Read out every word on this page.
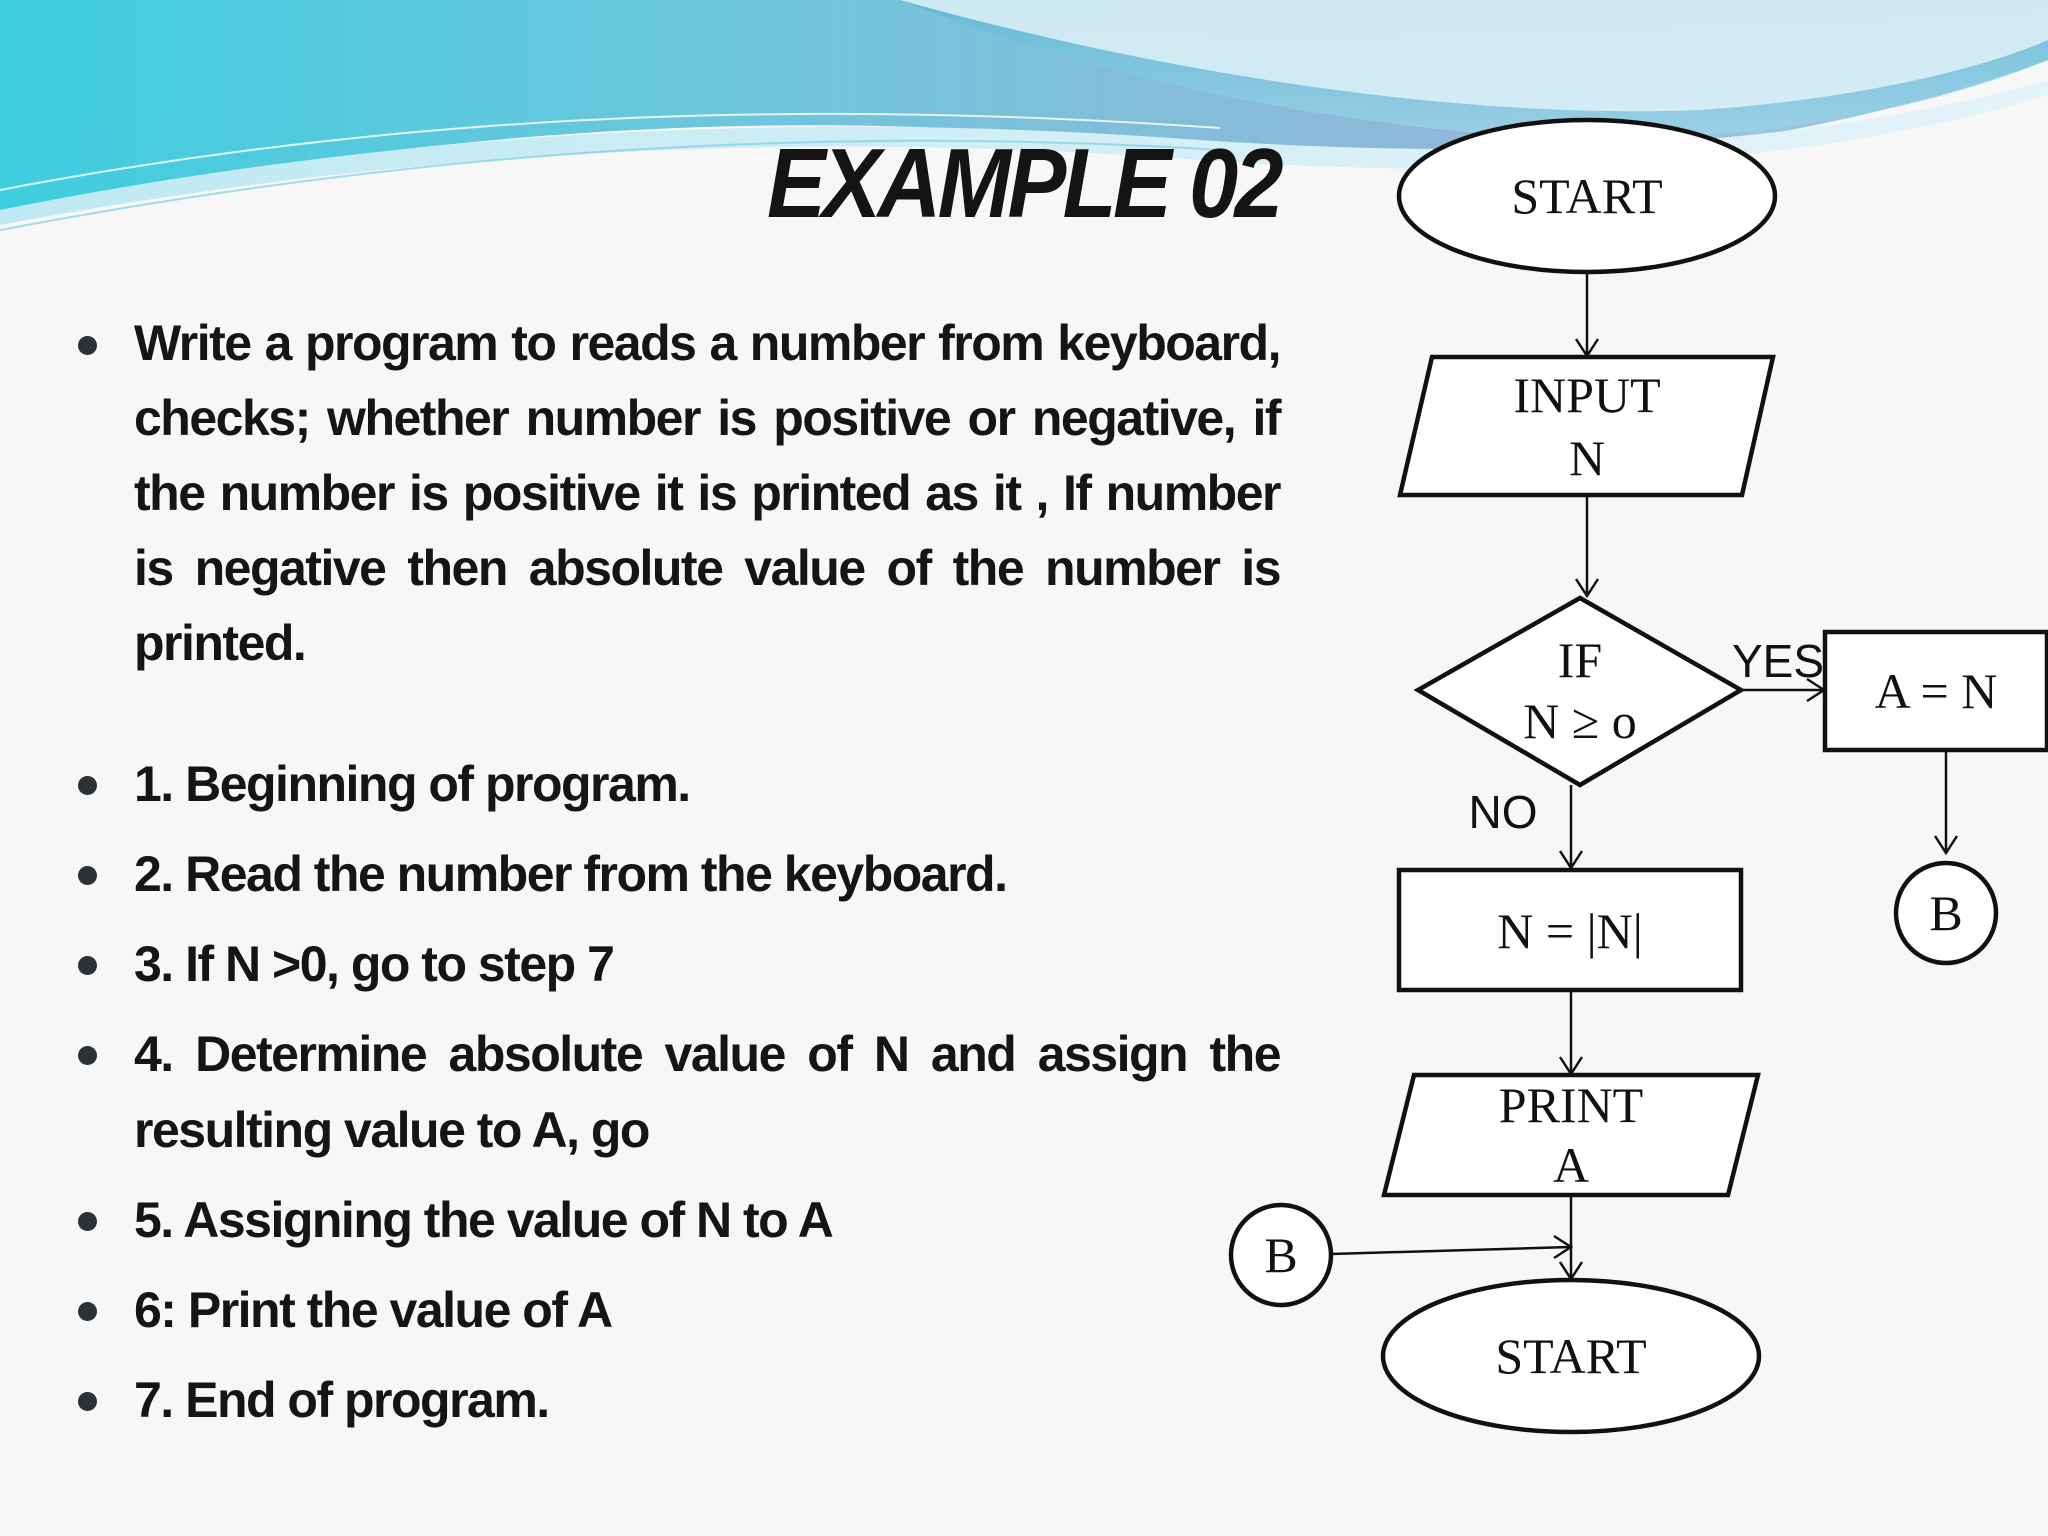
EXAMPLE 02
Write a program to reads a number from keyboard, checks; whether number is positive or negative, if the number is positive it is printed as it , If number is negative then absolute value of the number is printed.
1. Beginning of program.
2. Read the number from the keyboard.
3. If N >0, go to step 7
4. Determine absolute value of N and assign the resulting value to A, go
5. Assigning the value of N to A
6: Print the value of A
7. End of program.
START
INPUT
N
IF
N ≥ o
YES
NO
A = N
B
N = |N|
PRINT
A
B
START
